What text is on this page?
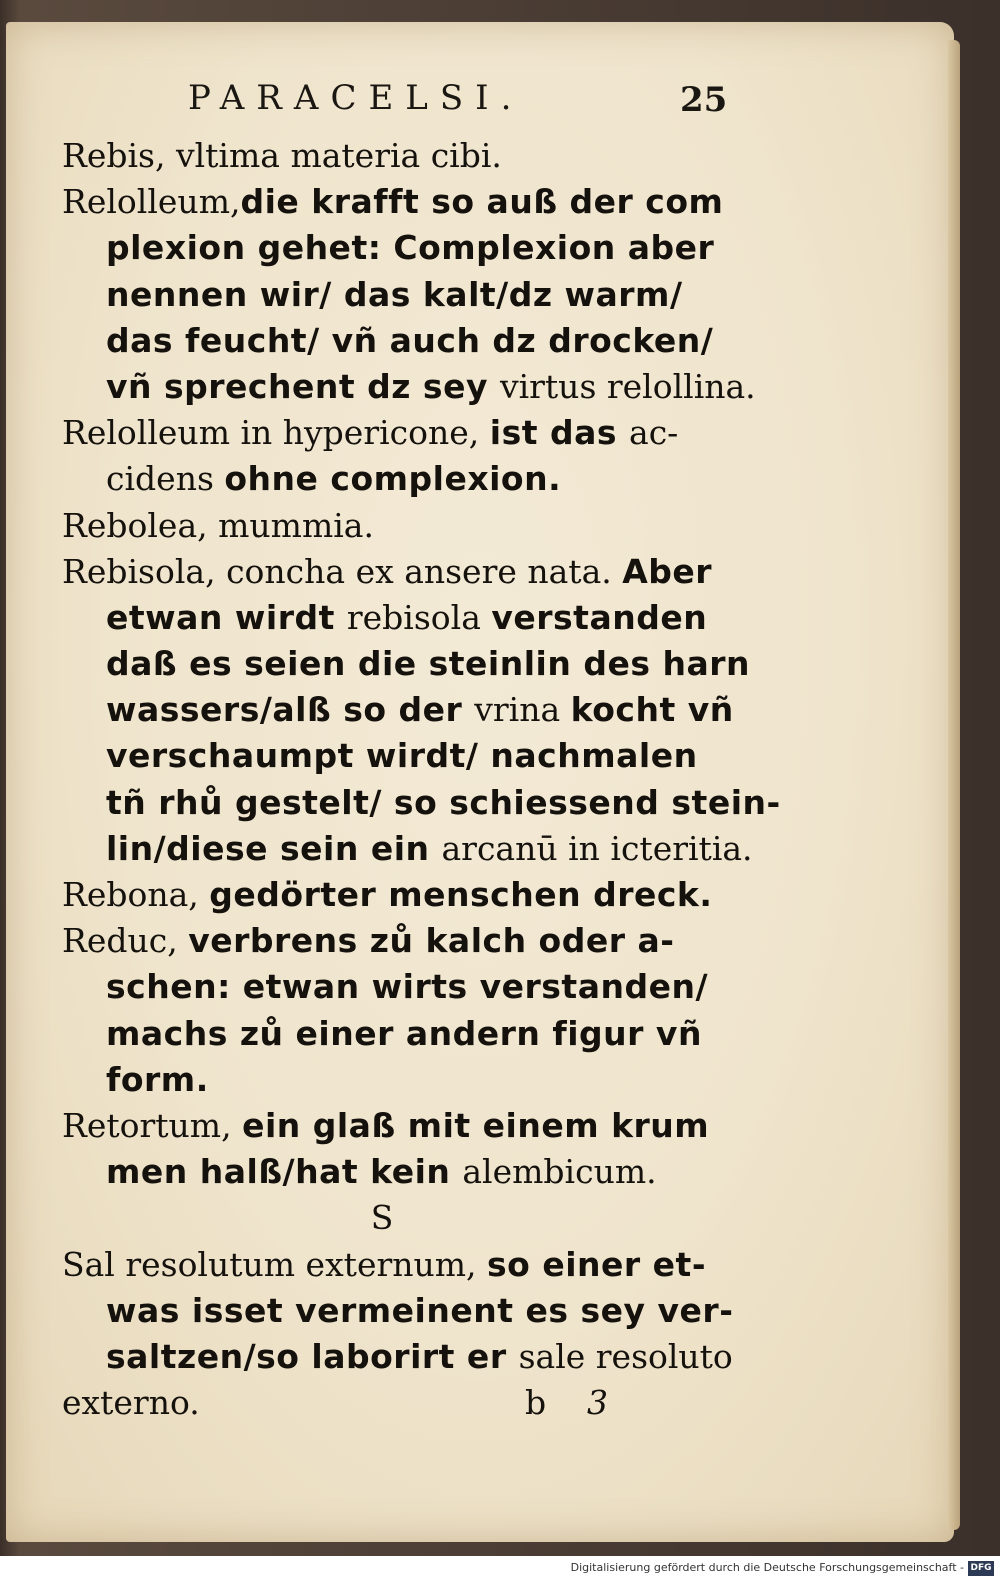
PARACELSI.	25
Rebis, vltima materia cibi.
Relolleum,die krafft so auß der com
plexion gehet: Complexion aber
nennen wir/ das kalt/dz warm/
das feucht/ vñ auch dz drocken/
vñ sprechent dz sey virtus relollina.
Relolleum in hypericone, ist das ac-
cidens ohne complexion.
Rebolea, mummia.
Rebisola, concha ex ansere nata. Aber
etwan wirdt rebisola verstanden
daß es seien die steinlin des harn
wassers/alß so der vrina kocht vñ
verschaumpt wirdt/ nachmalen
tñ rhů gestelt/ so schiessend stein-
lin/diese sein ein arcanū in icteritia.
Rebona, gedörter menschen dreck.
Reduc, verbrens zů kalch oder a-
schen: etwan wirts verstanden/
machs zů einer andern figur vñ
form.
Retortum, ein glaß mit einem krum
men halß/hat kein alembicum.
S
Sal resolutum externum, so einer et-
was isset vermeinent es sey ver-
saltzen/so laborirt er sale resoluto
externo.	b 3
Digitalisierung gefördert durch die Deutsche Forschungsgemeinschaft - DFG
